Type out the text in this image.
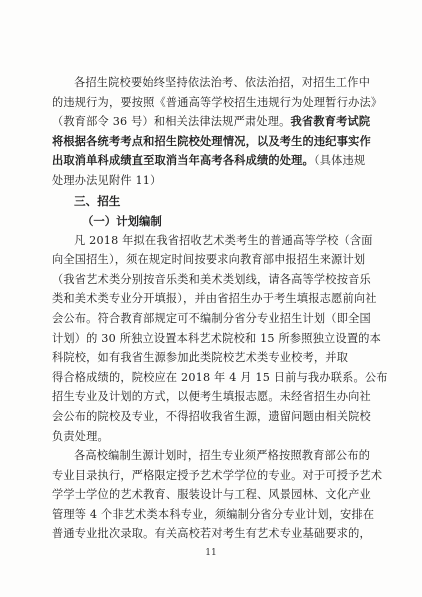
各招生院校要始终坚持依法治考、依法治招，对招生工作中
的违规行为，要按照《普通高等学校招生违规行为处理暂行办法》
（教育部令 36 号）和相关法律法规严肃处理。我省教育考试院
将根据各统考考点和招生院校处理情况，以及考生的违纪事实作
出取消单科成绩直至取消当年高考各科成绩的处理。（具体违规
处理办法见附件 11）
三、招生
（一）计划编制
凡 2018 年拟在我省招收艺术类考生的普通高等学校（含面
向全国招生），须在规定时间按要求向教育部申报招生来源计划
（我省艺术类分别按音乐类和美术类划线，请各高等学校按音乐
类和美术类专业分开填报），并由省招生办于考生填报志愿前向社
会公布。符合教育部规定可不编制分省分专业招生计划（即全国
计划）的 30 所独立设置本科艺术院校和 15 所参照独立设置的本
科院校，如有我省生源参加此类院校艺术类专业校考，并取
得合格成绩的，院校应在 2018 年 4 月 15 日前与我办联系。公布
招生专业及计划的方式，以便考生填报志愿。未经省招生办向社
会公布的院校及专业，不得招收我省生源，遗留问题由相关院校
负责处理。
各高校编制生源计划时，招生专业须严格按照教育部公布的
专业目录执行，严格限定授予艺术学学位的专业。对于可授予艺术
学学士学位的艺术教育、服装设计与工程、风景园林、文化产业
管理等 4 个非艺术类本科专业，须编制分省分专业计划，安排在
普通专业批次录取。有关高校若对考生有艺术专业基础要求的，
11
